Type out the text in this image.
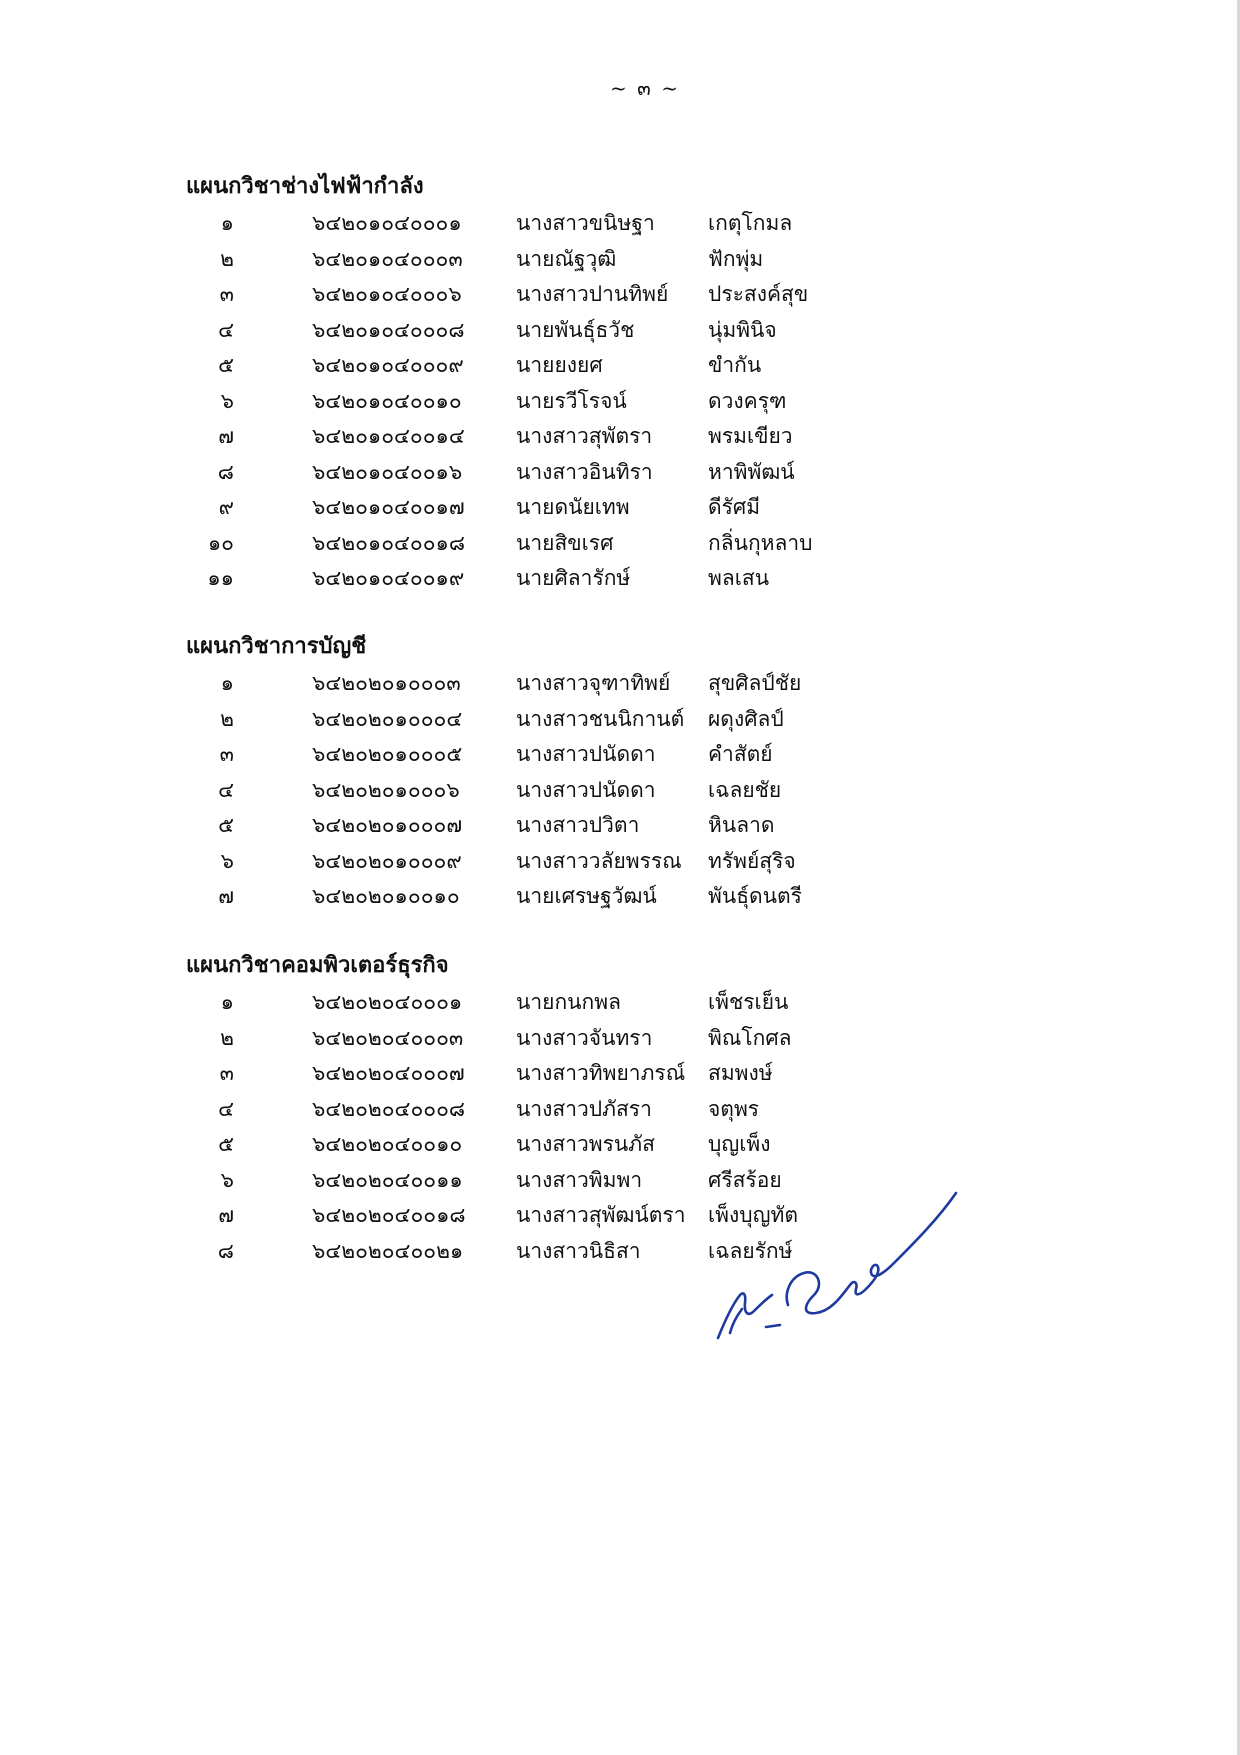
~ ๓ ~
แผนกวิชาช่างไฟฟ้ากำลัง
๑	๖๔๒๐๑๐๔๐๐๐๑	นางสาวขนิษฐา	เกตุโกมล
๒	๖๔๒๐๑๐๔๐๐๐๓	นายณัฐวุฒิ	ฟักพุ่ม
๓	๖๔๒๐๑๐๔๐๐๐๖	นางสาวปานทิพย์ ประสงค์สุข
๔	๖๔๒๐๑๐๔๐๐๐๘ นายพันธุ์ธวัช	นุ่มพินิจ
๕	๖๔๒๐๑๐๔๐๐๐๙ นายยงยศ	ขำกัน
๖	๖๔๒๐๑๐๔๐๐๑๐	นายรวีโรจน์	ดวงครุฑ
๗	๖๔๒๐๑๐๔๐๐๑๔ นางสาวสุพัตรา	พรมเขียว
๘	๖๔๒๐๑๐๔๐๐๑๖	นางสาวอินทิรา	หาพิพัฒน์
๙	๖๔๒๐๑๐๔๐๐๑๗ นายดนัยเทพ	ดีรัศมี
๑๐	๖๔๒๐๑๐๔๐๐๑๘ นายสิขเรศ	กลิ่นกุหลาบ
๑๑	๖๔๒๐๑๐๔๐๐๑๙ นายศิลารักษ์	พลเสน
แผนกวิชาการบัญชี
๑	๖๔๒๐๒๐๑๐๐๐๓	นางสาวจุฑาทิพย์ สุขศิลป์ชัย
๒	๖๔๒๐๒๐๑๐๐๐๔	นางสาวชนนิกานต์ ผดุงศิลป์
๓	๖๔๒๐๒๐๑๐๐๐๕	นางสาวปนัดดา คำสัตย์
๔	๖๔๒๐๒๐๑๐๐๐๖	นางสาวปนัดดา เฉลยชัย
๕	๖๔๒๐๒๐๑๐๐๐๗	นางสาวปวิตา	หินลาด
๖	๖๔๒๐๒๐๑๐๐๐๙	นางสาววลัยพรรณ ทรัพย์สุริจ
๗	๖๔๒๐๒๐๑๐๐๑๐	นายเศรษฐวัฒน์ พันธุ์ดนตรี
แผนกวิชาคอมพิวเตอร์ธุรกิจ
๑	๖๔๒๐๒๐๔๐๐๐๑	นายกนกพล	เพ็ชรเย็น
๒	๖๔๒๐๒๐๔๐๐๐๓	นางสาวจันทรา	พิณโกศล
๓	๖๔๒๐๒๐๔๐๐๐๗ นางสาวทิพยาภรณ์ สมพงษ์
๔	๖๔๒๐๒๐๔๐๐๐๘ นางสาวปภัสรา	จตุพร
๕	๖๔๒๐๒๐๔๐๐๑๐	นางสาวพรนภัส	บุญเพ็ง
๖	๖๔๒๐๒๐๔๐๐๑๑	นางสาวพิมพา	ศรีสร้อย
๗	๖๔๒๐๒๐๔๐๐๑๘ นางสาวสุพัฒน์ตรา เพ็งบุญทัต
๘	๖๔๒๐๒๐๔๐๐๒๑	นางสาวนิธิสา	เฉลยรักษ์
